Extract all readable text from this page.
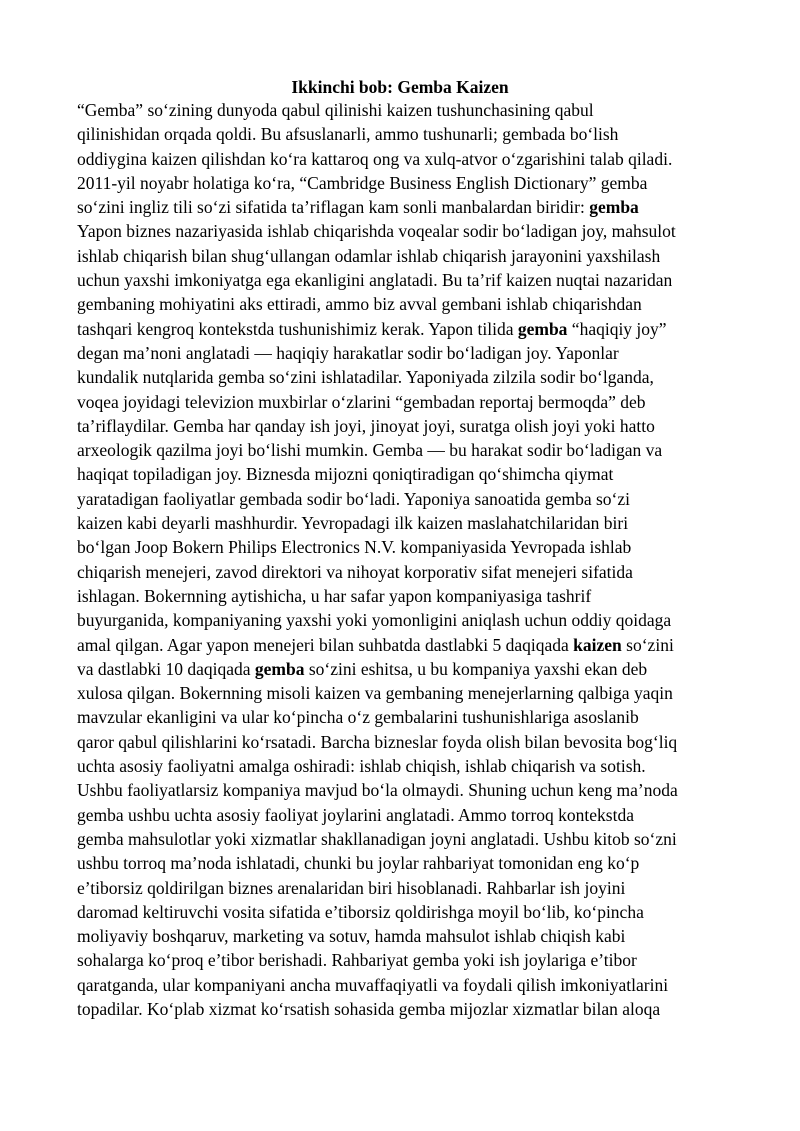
Ikkinchi bob: Gemba Kaizen
“Gemba” so‘zining dunyoda qabul qilinishi kaizen tushunchasining qabul
qilinishidan orqada qoldi. Bu afsuslanarli, ammo tushunarli; gembada bo‘lish
oddiygina kaizen qilishdan ko‘ra kattaroq ong va xulq-atvor o‘zgarishini talab qiladi.
2011-yil noyabr holatiga ko‘ra, “Cambridge Business English Dictionary” gemba
so‘zini ingliz tili so‘zi sifatida ta’riflagan kam sonli manbalardan biridir: gemba
Yapon biznes nazariyasida ishlab chiqarishda voqealar sodir bo‘ladigan joy, mahsulot
ishlab chiqarish bilan shug‘ullangan odamlar ishlab chiqarish jarayonini yaxshilash
uchun yaxshi imkoniyatga ega ekanligini anglatadi. Bu ta’rif kaizen nuqtai nazaridan
gembaning mohiyatini aks ettiradi, ammo biz avval gembani ishlab chiqarishdan
tashqari kengroq kontekstda tushunishimiz kerak. Yapon tilida gemba “haqiqiy joy”
degan ma’noni anglatadi — haqiqiy harakatlar sodir bo‘ladigan joy. Yaponlar
kundalik nutqlarida gemba so‘zini ishlatadilar. Yaponiyada zilzila sodir bo‘lganda,
voqea joyidagi televizion muxbirlar o‘zlarini “gembadan reportaj bermoqda” deb
ta’riflaydilar. Gemba har qanday ish joyi, jinoyat joyi, suratga olish joyi yoki hatto
arxeologik qazilma joyi bo‘lishi mumkin. Gemba — bu harakat sodir bo‘ladigan va
haqiqat topiladigan joy. Biznesda mijozni qoniqtiradigan qo‘shimcha qiymat
yaratadigan faoliyatlar gembada sodir bo‘ladi. Yaponiya sanoatida gemba so‘zi
kaizen kabi deyarli mashhurdir. Yevropadagi ilk kaizen maslahatchilaridan biri
bo‘lgan Joop Bokern Philips Electronics N.V. kompaniyasida Yevropada ishlab
chiqarish menejeri, zavod direktori va nihoyat korporativ sifat menejeri sifatida
ishlagan. Bokernning aytishicha, u har safar yapon kompaniyasiga tashrif
buyurganida, kompaniyaning yaxshi yoki yomonligini aniqlash uchun oddiy qoidaga
amal qilgan. Agar yapon menejeri bilan suhbatda dastlabki 5 daqiqada kaizen so‘zini
va dastlabki 10 daqiqada gemba so‘zini eshitsa, u bu kompaniya yaxshi ekan deb
xulosa qilgan. Bokernning misoli kaizen va gembaning menejerlarning qalbiga yaqin
mavzular ekanligini va ular ko‘pincha o‘z gembalarini tushunishlariga asoslanib
qaror qabul qilishlarini ko‘rsatadi. Barcha bizneslar foyda olish bilan bevosita bog‘liq
uchta asosiy faoliyatni amalga oshiradi: ishlab chiqish, ishlab chiqarish va sotish.
Ushbu faoliyatlarsiz kompaniya mavjud bo‘la olmaydi. Shuning uchun keng ma’noda
gemba ushbu uchta asosiy faoliyat joylarini anglatadi. Ammo torroq kontekstda
gemba mahsulotlar yoki xizmatlar shakllanadigan joyni anglatadi. Ushbu kitob so‘zni
ushbu torroq ma’noda ishlatadi, chunki bu joylar rahbariyat tomonidan eng ko‘p
e’tiborsiz qoldirilgan biznes arenalaridan biri hisoblanadi. Rahbarlar ish joyini
daromad keltiruvchi vosita sifatida e’tiborsiz qoldirishga moyil bo‘lib, ko‘pincha
moliyaviy boshqaruv, marketing va sotuv, hamda mahsulot ishlab chiqish kabi
sohalarga ko‘proq e’tibor berishadi. Rahbariyat gemba yoki ish joylariga e’tibor
qaratganda, ular kompaniyani ancha muvaffaqiyatli va foydali qilish imkoniyatlarini
topadilar. Ko‘plab xizmat ko‘rsatish sohasida gemba mijozlar xizmatlar bilan aloqa
